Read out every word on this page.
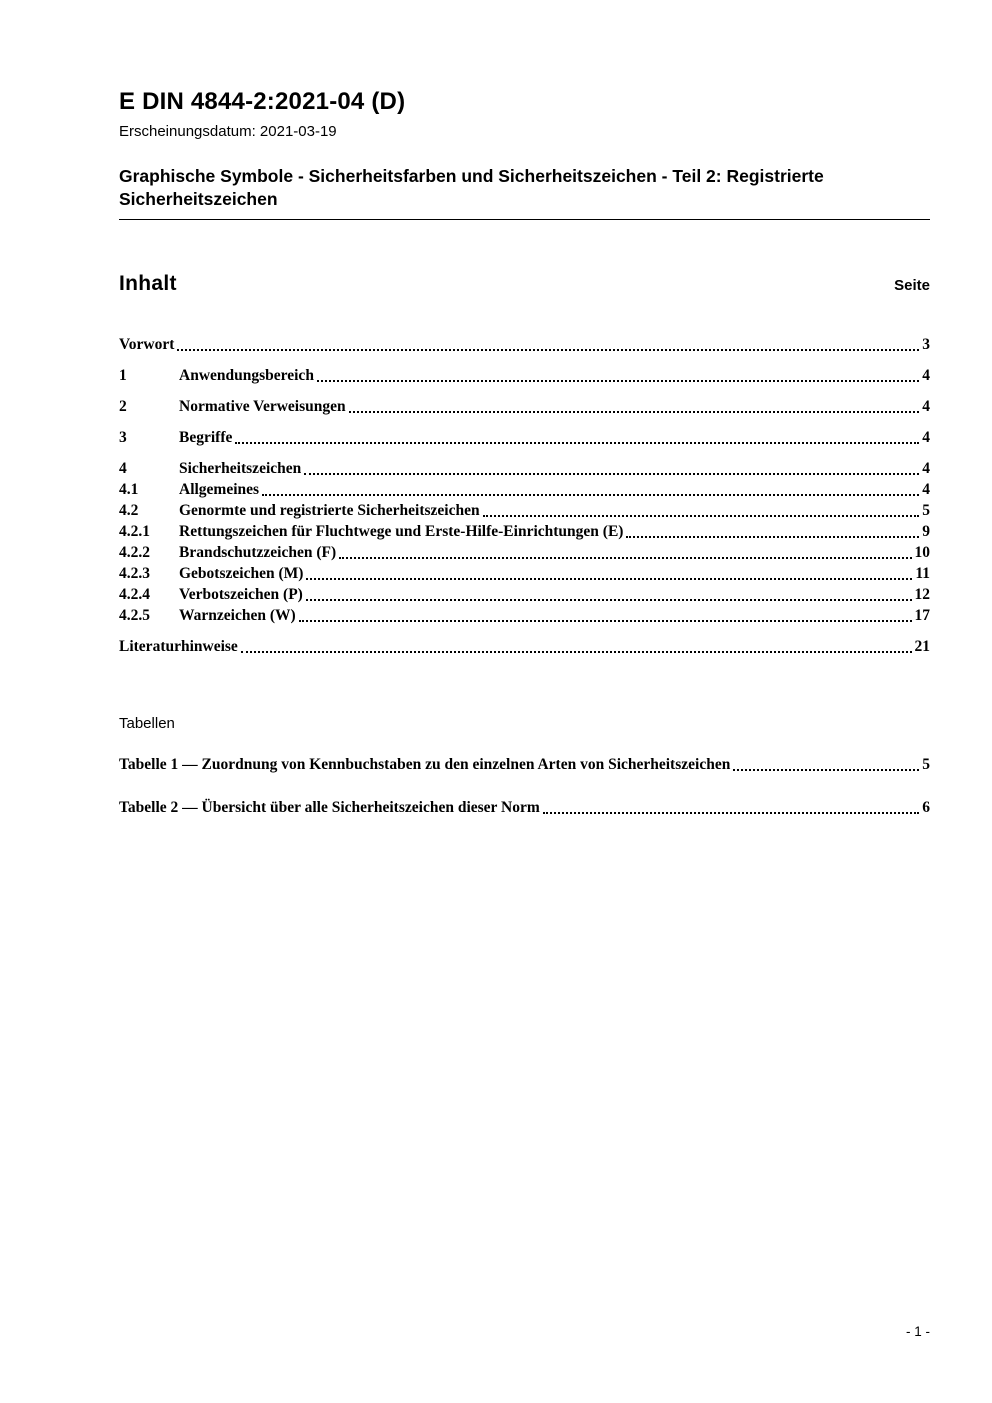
E DIN 4844-2:2021-04 (D)
Erscheinungsdatum: 2021-03-19
Graphische Symbole - Sicherheitsfarben und Sicherheitszeichen - Teil 2: Registrierte Sicherheitszeichen
Inhalt	Seite
Vorwort	3
1	Anwendungsbereich	4
2	Normative Verweisungen	4
3	Begriffe	4
4	Sicherheitszeichen	4
4.1	Allgemeines	4
4.2	Genormte und registrierte Sicherheitszeichen	5
4.2.1	Rettungszeichen für Fluchtwege und Erste-Hilfe-Einrichtungen (E)	9
4.2.2	Brandschutzzeichen (F)	10
4.2.3	Gebotszeichen (M)	11
4.2.4	Verbotszeichen (P)	12
4.2.5	Warnzeichen (W)	17
Literaturhinweise	21
Tabellen
Tabelle 1 — Zuordnung von Kennbuchstaben zu den einzelnen Arten von Sicherheitszeichen	5
Tabelle 2 — Übersicht über alle Sicherheitszeichen dieser Norm	6
- 1 -
